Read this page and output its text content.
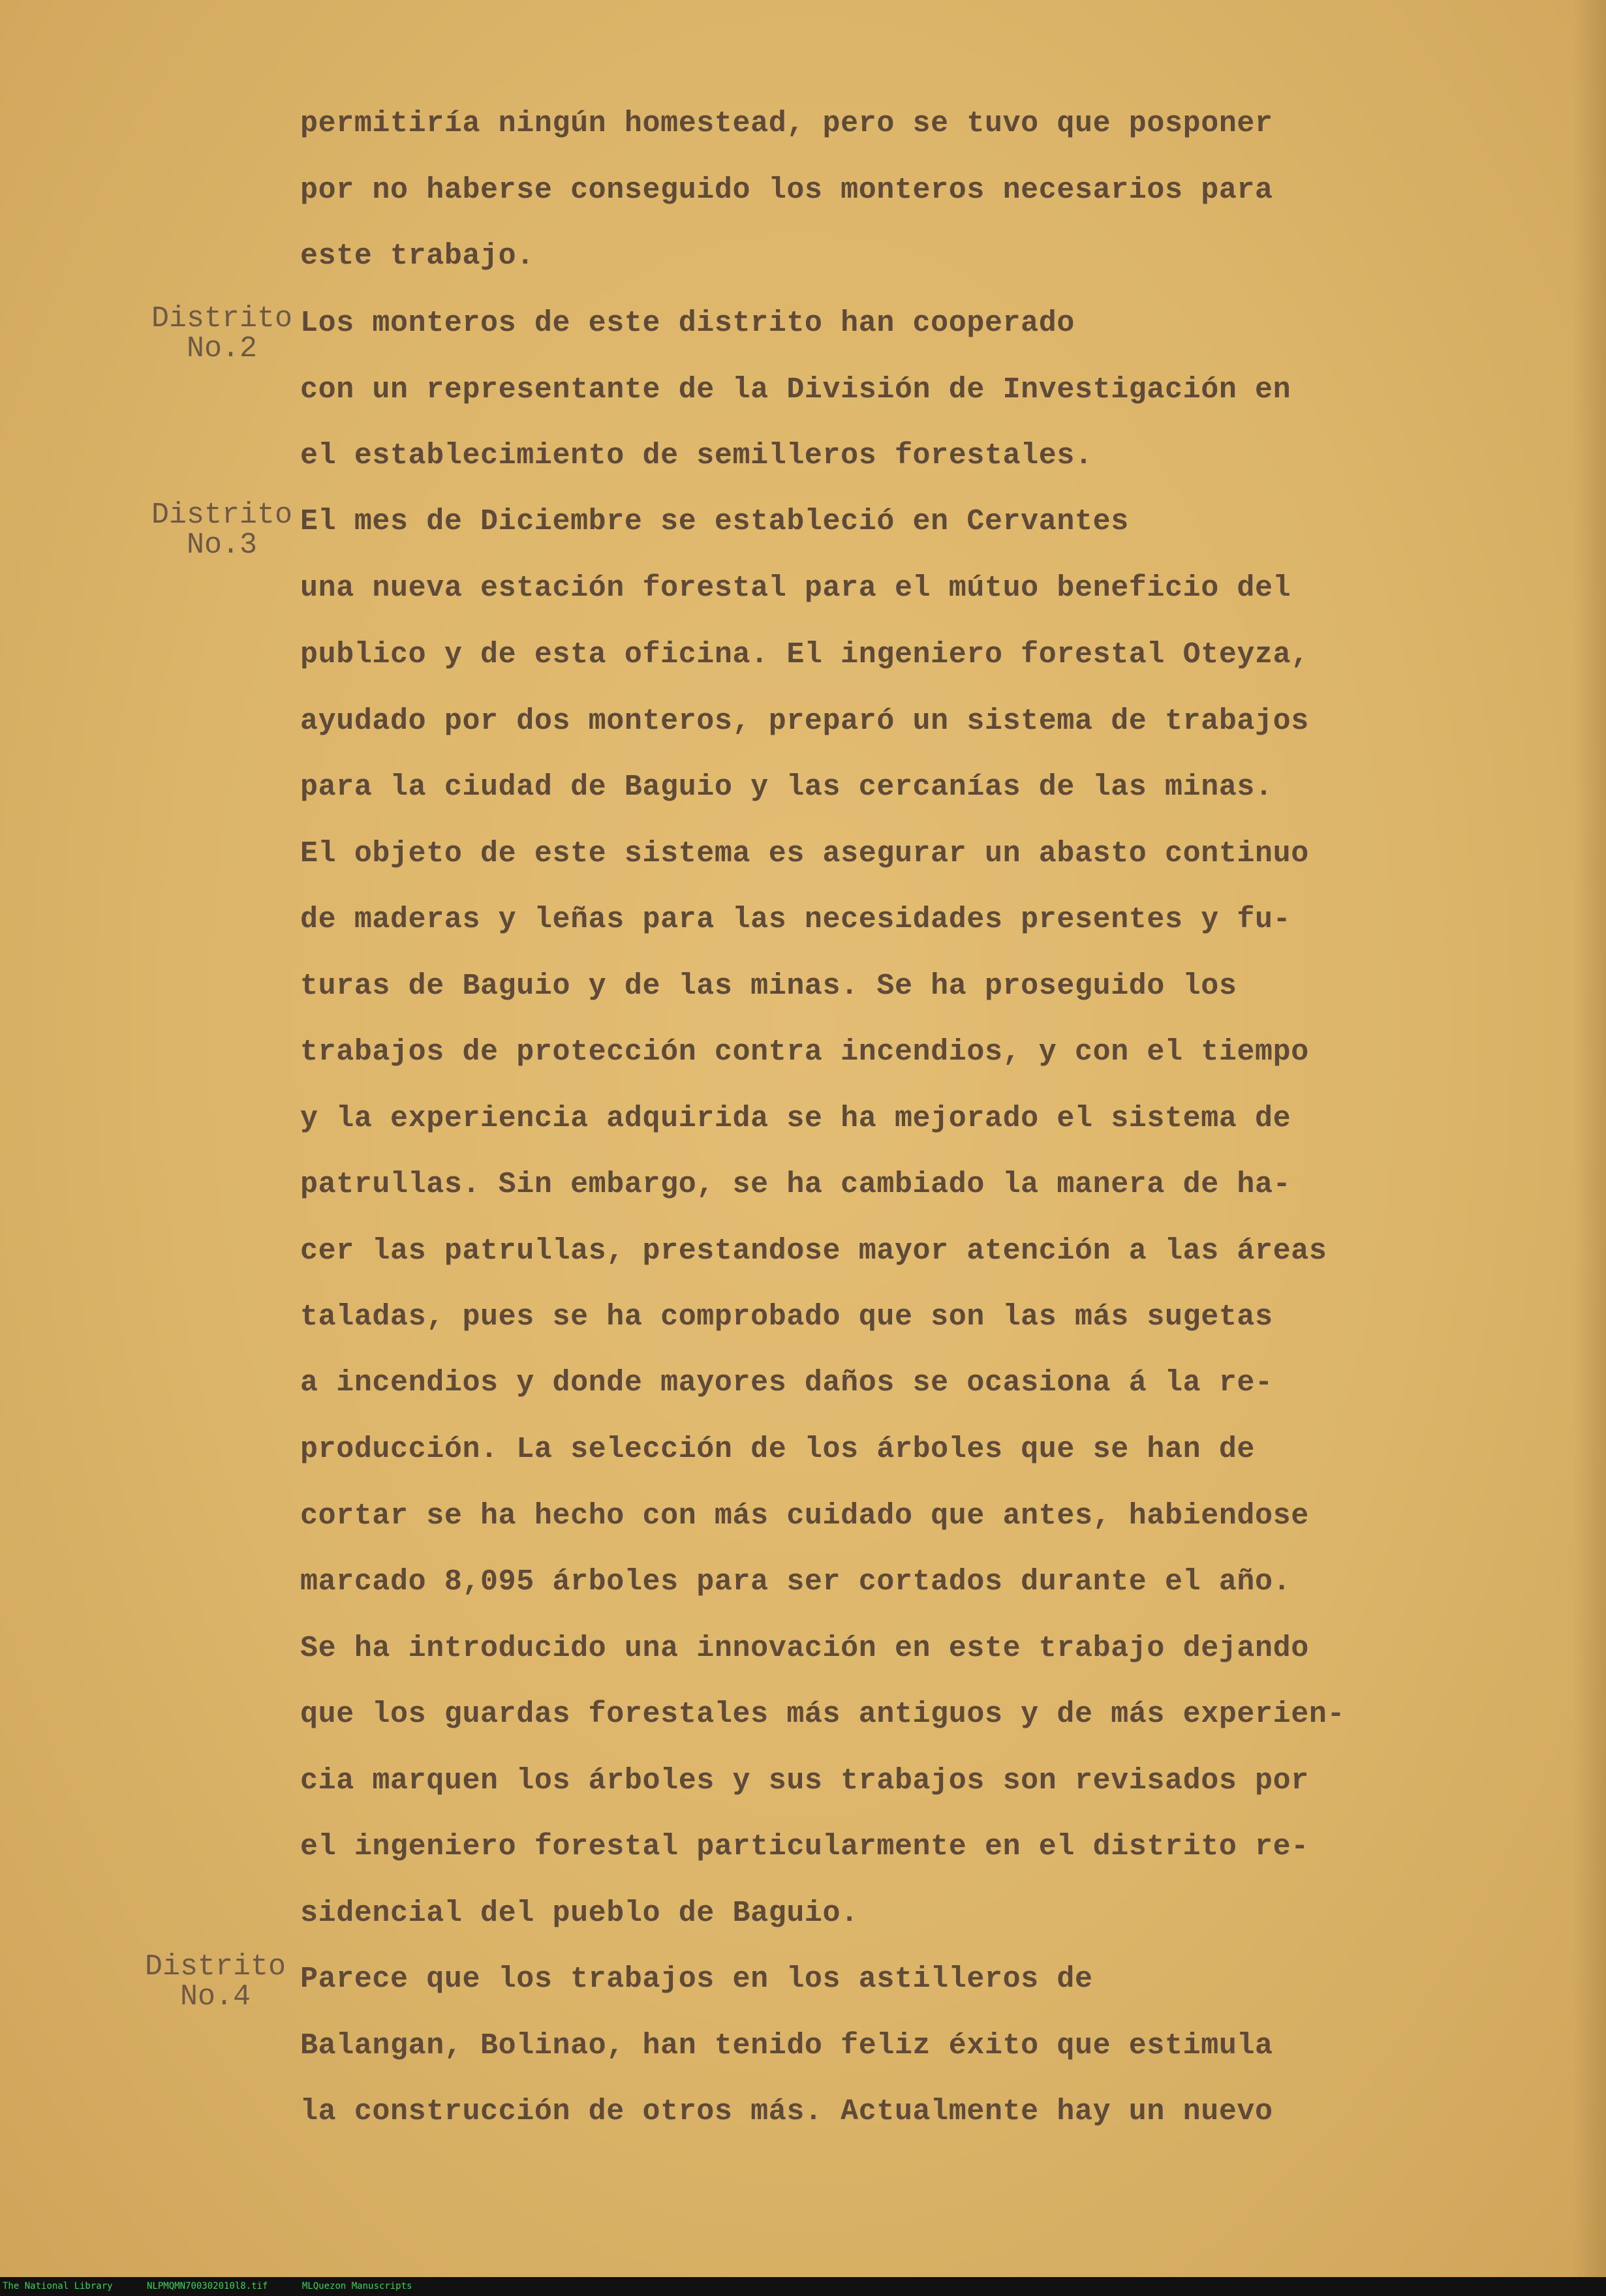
Distrito
No.2
Distrito
No.3
Distrito
No.4

permitiría ningún homestead, pero se tuvo que posponer

por no haberse conseguido los monteros necesarios para

este trabajo.

Los monteros de este distrito han cooperado

con un representante de la División de Investigación en

el establecimiento de semilleros forestales.

El mes de Diciembre se estableció en Cervantes

una nueva estación forestal para el mútuo beneficio del

publico y de esta oficina. El ingeniero forestal Oteyza,

ayudado por dos monteros, preparó un sistema de trabajos

para la ciudad de Baguio y las cercanías de las minas.

El objeto de este sistema es asegurar un abasto continuo

de maderas y leñas para las necesidades presentes y fu-

turas de Baguio y de las minas. Se ha proseguido los

trabajos de protección contra incendios, y con el tiempo

y la experiencia adquirida se ha mejorado el sistema de

patrullas. Sin embargo, se ha cambiado la manera de ha-

cer las patrullas, prestandose mayor atención a las áreas

taladas, pues se ha comprobado que son las más sugetas

a incendios y donde mayores daños se ocasiona á la re-

producción. La selección de los árboles que se han de

cortar se ha hecho con más cuidado que antes, habiendose

marcado 8,095 árboles para ser cortados durante el año.

Se ha introducido una innovación en este trabajo dejando

que los guardas forestales más antiguos y de más experien-

cia marquen los árboles y sus trabajos son revisados por

el ingeniero forestal particularmente en el distrito re-

sidencial del pueblo de Baguio.

Parece que los trabajos en los astilleros de

Balangan, Bolinao, han tenido feliz éxito que estimula

la construcción de otros más. Actualmente hay un nuevo

The National Library	NLPMQMN700302010l8.tif	MLQuezon Manuscripts
